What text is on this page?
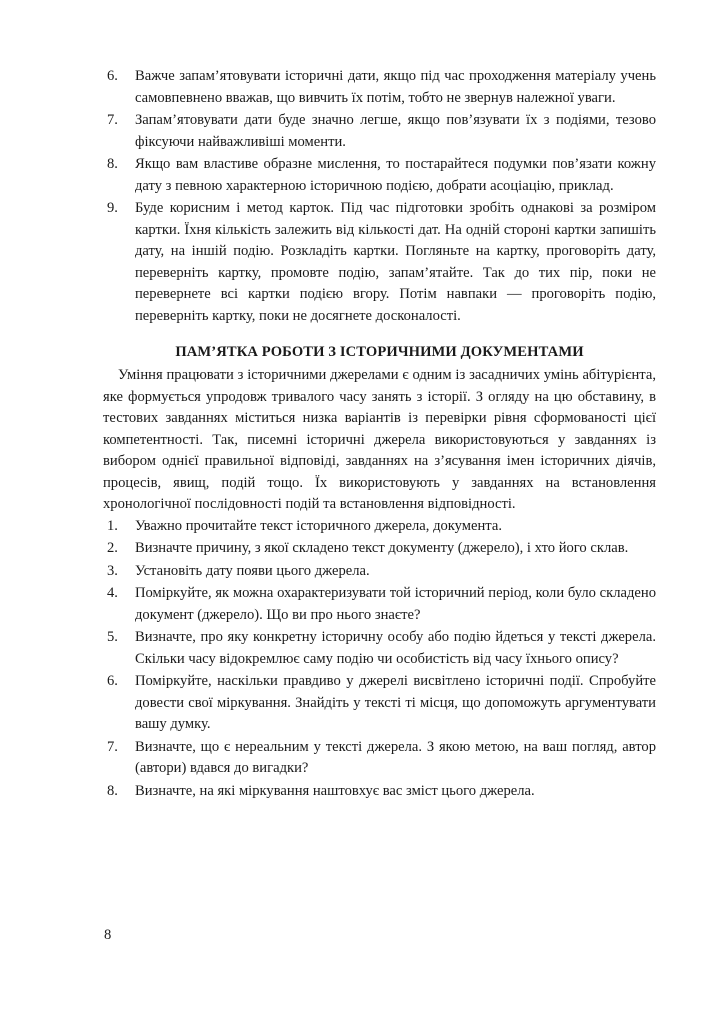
6. Важче запам’ятовувати історичні дати, якщо під час проходження матеріалу учень самовпевнено вважав, що вивчить їх потім, тобто не звернув належної уваги.
7. Запам’ятовувати дати буде значно легше, якщо пов’язувати їх з подіями, тезово фіксуючи найважливіші моменти.
8. Якщо вам властиве образне мислення, то постарайтеся подумки пов’язати кожну дату з певною характерною історичною подією, добрати асоціацію, приклад.
9. Буде корисним і метод карток. Під час підготовки зробіть однакові за розміром картки. Їхня кількість залежить від кількості дат. На одній стороні картки запишіть дату, на іншій подію. Розкладіть картки. Погляньте на картку, проговоріть дату, переверніть картку, промовте подію, запам’ятайте. Так до тих пір, поки не перевернете всі картки подією вгору. Потім навпаки — проговоріть подію, переверніть картку, поки не досягнете досконалості.
ПАМ’ЯТКА РОБОТИ З ІСТОРИЧНИМИ ДОКУМЕНТАМИ

Уміння працювати з історичними джерелами є одним із засадничих умінь абітурієнта, яке формується упродовж тривалого часу занять з історії. З огляду на цю обставину, в тестових завданнях міститься низка варіантів із перевірки рівня сформованості цієї компетентності. Так, писемні історичні джерела використовуються у завданнях із вибором однієї правильної відповіді, завданнях на з’ясування імен історичних діячів, процесів, явищ, подій тощо. Їх використовують у завданнях на встановлення хронологічної послідовності подій та встановлення відповідності.

1. Уважно прочитайте текст історичного джерела, документа.
2. Визначте причину, з якої складено текст документу (джерело), і хто його склав.
3. Установіть дату появи цього джерела.
4. Поміркуйте, як можна охарактеризувати той історичний період, коли було складено документ (джерело). Що ви про нього знаєте?
5. Визначте, про яку конкретну історичну особу або подію йдеться у тексті джерела. Скільки часу відокремлює саму подію чи особистість від часу їхнього опису?
6. Поміркуйте, наскільки правдиво у джерелі висвітлено історичні події. Спробуйте довести свої міркування. Знайдіть у тексті ті місця, що допоможуть аргументувати вашу думку.
7. Визначте, що є нереальним у тексті джерела. З якою метою, на ваш погляд, автор (автори) вдався до вигадки?
8. Визначте, на які міркування наштовхує вас зміст цього джерела.
8
